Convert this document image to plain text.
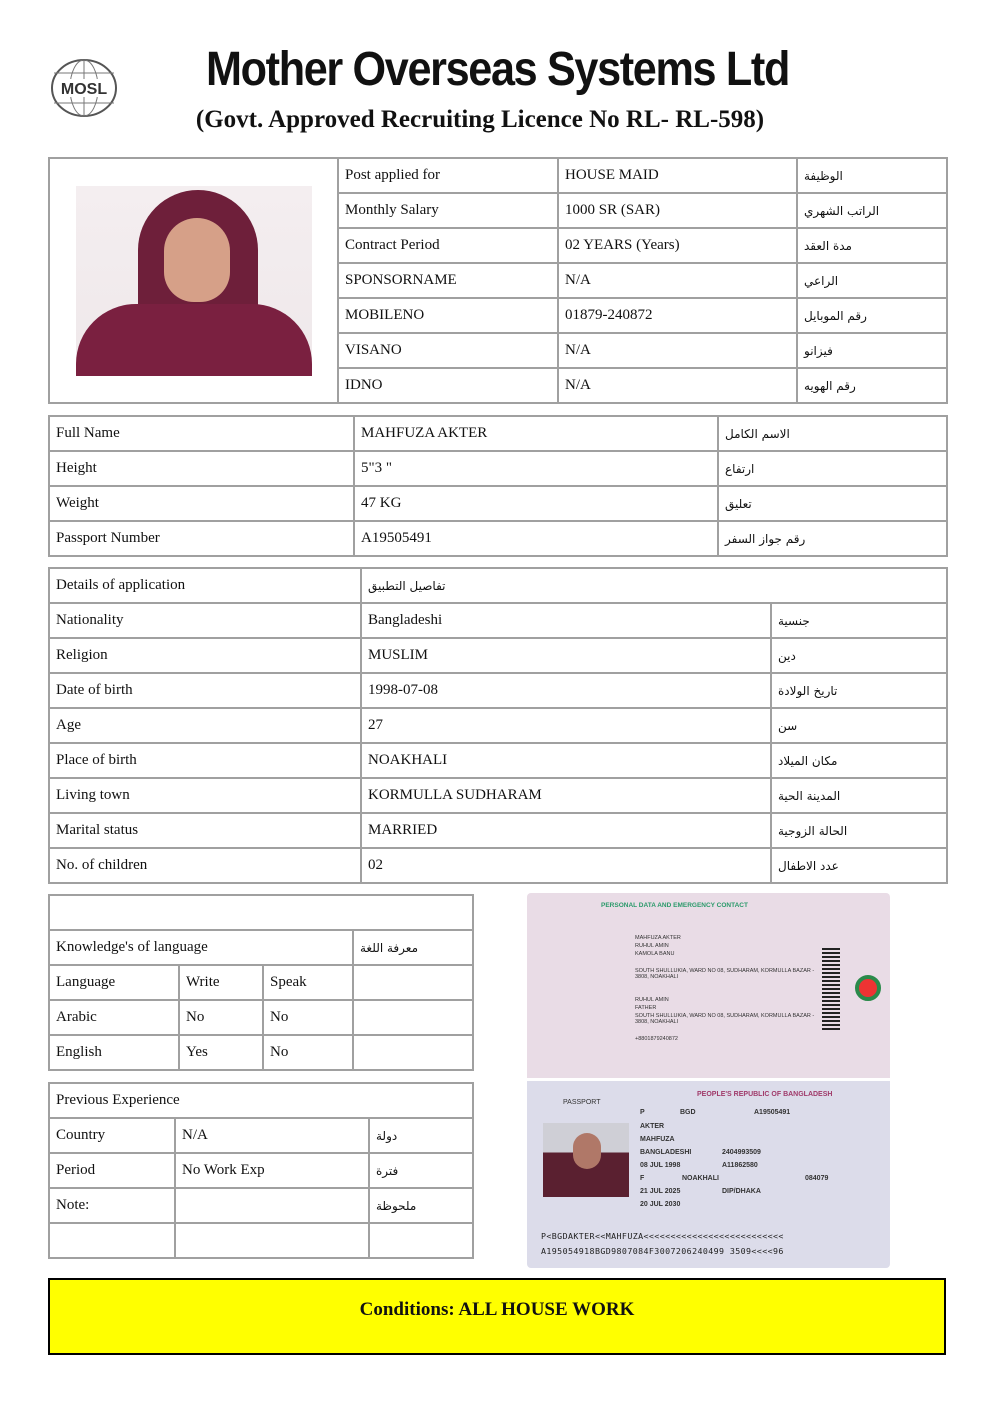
MOSL Mother Overseas Systems Ltd
(Govt. Approved Recruiting Licence No RL- RL-598)
	Post applied for	HOUSE MAID	الوظيفة
	Monthly Salary	1000 SR (SAR)	الراتب الشهري
	Contract Period	02 YEARS (Years)	مدة العقد
	SPONSORNAME	N/A	الراعي
	MOBILENO	01879-240872	رقم الموبايل
	VISANO	N/A	فيزانو
	IDNO	N/A	رقم الهويه
Full Name	MAHFUZA AKTER	الاسم الكامل
Height	5"3 "	ارتفاع
Weight	47 KG	تعليق
Passport Number	A19505491	رقم جواز السفر
Details of application	تفاصيل التطبيق	
Nationality	Bangladeshi	جنسية
Religion	MUSLIM	دين
Date of birth	1998-07-08	تاريخ الولادة
Age	27	سن
Place of birth	NOAKHALI	مكان الميلاد
Living town	KORMULLA SUDHARAM	المدينة الحية
Marital status	MARRIED	الحالة الزوجية
No. of children	02	عدد الاطفال

Knowledge's of language			معرفة اللغة
Language	Write	Speak	
Arabic	No	No	
English	Yes	No	
Previous Experience		
Country	N/A	دولة
Period	No Work Exp	فترة
Note:		ملحوظة

PERSONAL DATA AND EMERGENCY CONTACT
MAHFUZA AKTER
RUHUL AMIN
KAMOLA BANU
SOUTH SHULLUKIA, WARD NO 08, SUDHARAM, KORMULLA BAZAR - 3808, NOAKHALI
RUHUL AMIN
FATHER
SOUTH SHULLUKIA, WARD NO 08, SUDHARAM, KORMULLA BAZAR - 3808, NOAKHALI
+8801879240872
PEOPLE'S REPUBLIC OF BANGLADESH
PASSPORT
P	BGD	A19505491
AKTER
MAHFUZA
BANGLADESHI	2404993509
08 JUL 1998	A11862580
F	NOAKHALI	084079
21 JUL 2025	DIP/DHAKA
20 JUL 2030
P<BGDAKTER<<MAHFUZA<<<<<<<<<<<<<<<<<<<<<<<<<<
A195054918BGD9807084F3007206240499 3509<<<<96
Conditions: ALL HOUSE WORK
